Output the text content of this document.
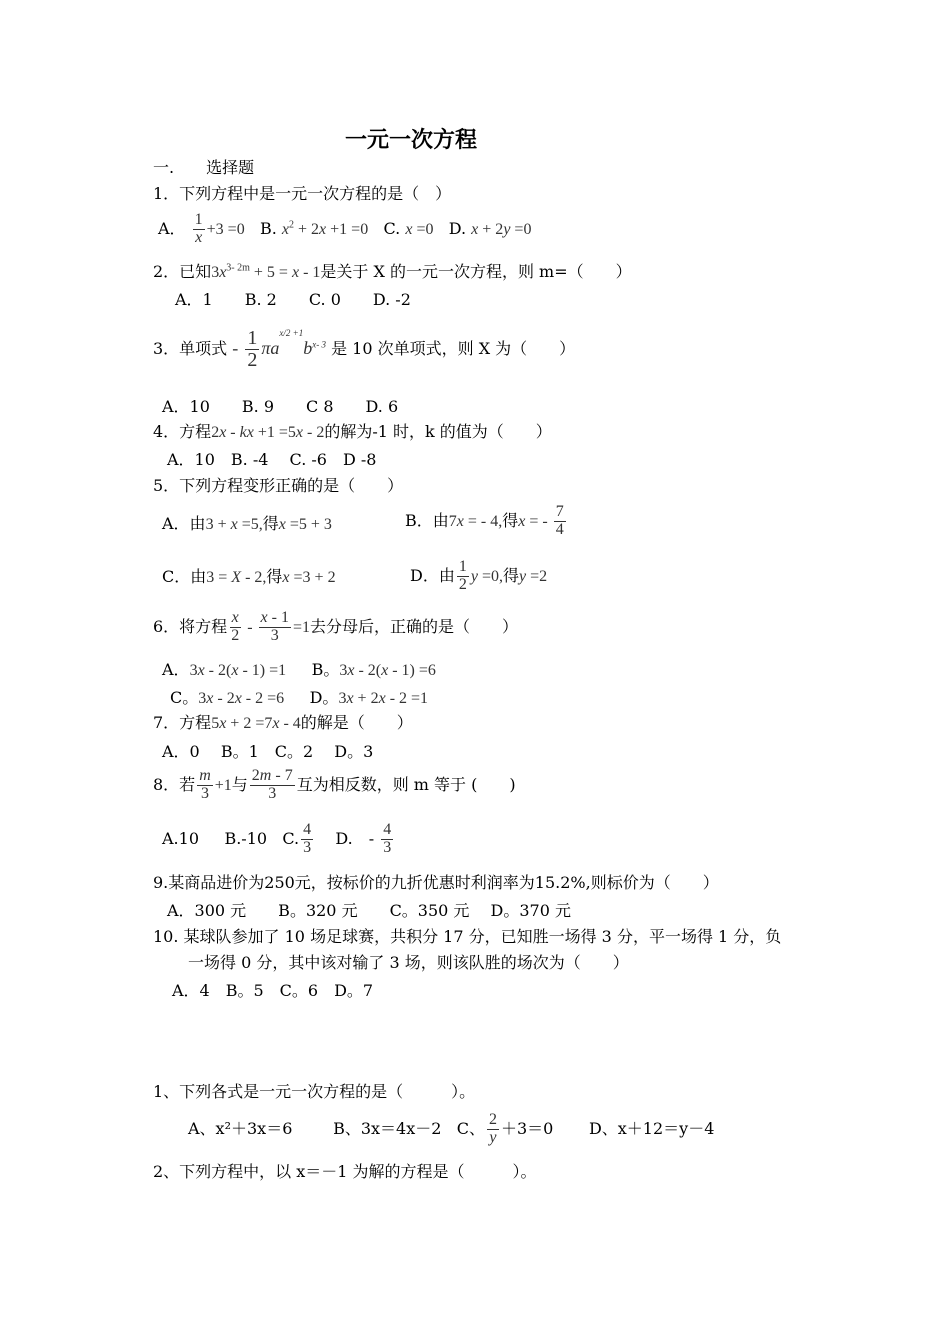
一元一次方程
一.　　选择题
1．下列方程中是一元一次方程的是（　）
A． $\frac{1}{x} +3 =0$ B. $x^2 + 2x +1 =0$ C. x =0 D. x + 2y =0
2．已知$3x^{3- 2m} + 5 = x - 1$是关于 X 的一元一次方程，则 m=（　　）
A．1　　B. 2　　C. 0　　D. -2
3．单项式 - $\frac{1}{2} \pi a^{x/2 +1}b^{x- 3}$ 是 10 次单项式，则 X 为（　　）
A．10　　B. 9　　C 8　　D. 6
4．方程2x - kx +1 =5x - 2的解为-1 时，k 的值为（　　）
A．10　B. -4　 C. -6　D -8
5．下列方程变形正确的是（　　）
A．由3 + x =5,得x =5 + 3	B．由7x = - 4,得x = - $\frac{7}{4}$
C．由3 = X - 2,得x =3 + 2	D．由 $\frac{1}{2}$ y =0,得y =2
6．将方程 $\frac{x}{2} - \frac{x - 1}{3} =1$去分母后，正确的是（　　）
A．3x - 2(x - 1) =1 B。3x - 2(x - 1) =6
C。3x - 2x - 2 =6 D。3x + 2x - 2 =1
7．方程5x + 2 =7x - 4的解是（　　）
A．0　 B。1　C。2　 D。3
8．若 $\frac{m}{3} +1$与 $\frac{2m - 7}{3}$ 互为相反数，则 m 等于 (　　)
A.10 B.-10 C. $\frac{4}{3} D$.　- $\frac{4}{3}$
9.某商品进价为250元，按标价的九折优惠时利润率为15.2%,则标价为（　　）
A．300 元　　B。320 元　　C。350 元　 D。370 元
10. 某球队参加了 10 场足球赛，共积分 17 分，已知胜一场得 3 分，平一场得 1 分，负
一场得 0 分，其中该对输了 3 场，则该队胜的场次为（　　）
A．4　B。5　C。6　D。7
1、下列各式是一元一次方程的是（　　　）。
A、x²＋3x＝6	B、3x＝4x－2 C、 $\frac{2}{y} +3=0$ D、x＋12＝y－4
2、下列方程中，以 x＝－1 为解的方程是（　　　）。
